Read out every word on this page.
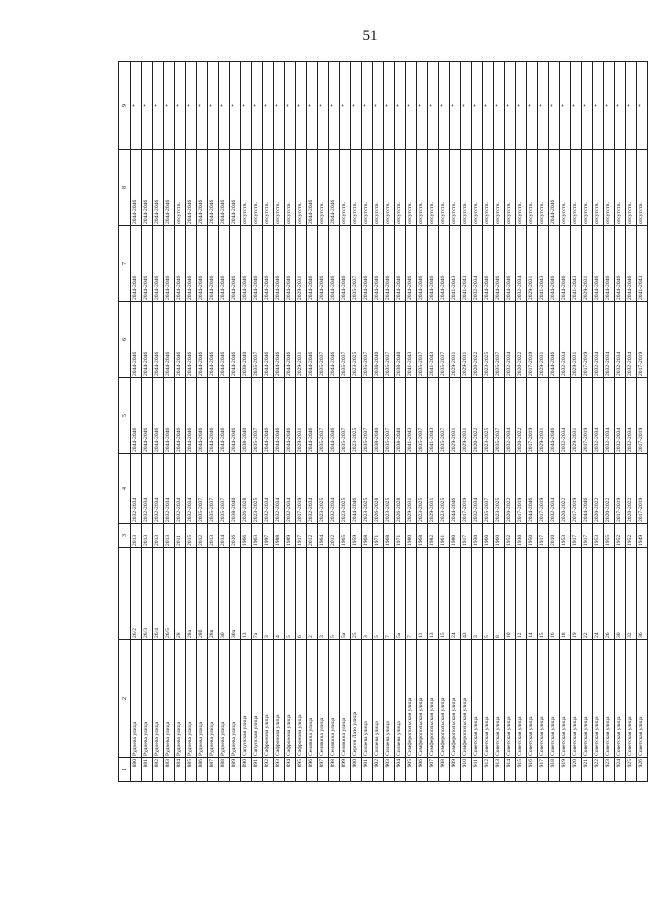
51
1	2		3	4	5	6	7	8	9
880	Руднева улица	26/2	2013	2032-2034	2044-2046	2044-2046	2044-2046	2044-2046	*
881	Руднева улица	26/3	2013	2032-2034	2044-2046	2044-2046	2044-2046	2044-2046	*
882	Руднева улица	26/4	2013	2032-2034	2044-2046	2044-2046	2044-2046	2044-2046	*
883	Руднева улица	26/5	2013	2032-2034	2044-2046	2044-2046	2044-2046	2044-2046	*
884	Руднева улица	28	2011	2032-2034	2044-2046	2044-2046	2044-2046	отсутств.	*
885	Руднева улица	28а	2015	2032-2034	2044-2046	2044-2046	2044-2046	2044-2046	*
886	Руднева улица	28б	2012	2035-2037	2044-2046	2044-2046	2044-2046	2044-2046	*
887	Руднева улица	28в	2013	2035-2037	2044-2046	2044-2046	2044-2046	2044-2046	*
888	Руднева улица	30	2014	2035-2037	2044-2046	2044-2046	2044-2046	2044-2046	*
889	Руднева улица	30а	2016	2038-2040	2044-2046	2044-2046	2044-2046	2044-2046	*
890	Сапунская улица	13	1966	2026-2028	2038-2040	2038-2040	2044-2046	отсутств.	*
891	Сапунская улица	7а	1963	2023-2025	2035-2037	2035-2037	2044-2046	отсутств.	*
892	Сафронова улица	3	1997	2032-2034	2044-2046	2044-2046	2044-2046	отсутств.	*
893	Сафронова улица	4	1988	2032-2034	2044-2046	2044-2046	2044-2046	отсутств.	*
894	Сафронова улица	5	1989	2032-2034	2044-2046	2044-2046	2044-2046	отсутств.	*
895	Сафронова улица	6	1917	2017-2019	2029-2031	2029-2031	2029-2031	отсутств.	*
896	Сенявина улица	2	2012	2032-2034	2044-2046	2044-2046	2044-2046	2044-2046	*
897	Сенявина улица	3	1964	2023-2025	2035-2037	2035-2037	2044-2046	отсутств.	*
898	Сенявина улица	5	2012	2032-2034	2044-2046	2044-2046	2044-2046	2044-2046	*
899	Сенявина улица	5а	1965	2023-2025	2035-2037	2035-2037	2044-2046	отсутств.	*
900	Сергея Лазо улица	25	1959	2044-2046	2023-2025	2023-2025	2035-2037	отсутств.	*
901	Силаева улица	3	1968	2023-2025	2035-2037	2035-2037	2044-2046	отсутств.	*
902	Силаева улица	5	1971	2026-2028	2038-2040	2038-2040	2044-2046	отсутств.	*
903	Силаева улица	7	1968	2023-2025	2035-2037	2035-2037	2044-2046	отсутств.	*
904	Силаева улица	5а	1971	2026-2028	2038-2040	2038-2040	2044-2046	отсутств.	*
905	Симферопольская улица	7	1980	2029-2031	2041-2043	2041-2043	2044-2046	отсутств.	*
906	Симферопольская улица	11	1968	2023-2025	2035-2037	2035-2037	2044-2046	отсутств.	*
907	Симферопольская улица	13	1982	2029-2031	2041-2043	2041-2043	2044-2046	отсутств.	*
908	Симферопольская улица	15	1961	2023-2025	2035-2037	2035-2037	2044-2046	отсутств.	*
909	Симферопольская улица	24	1980	2044-2046	2029-2031	2029-2031	2041-2043	отсутств.	*
910	Симферопольская улица	43	1917	2017-2019	2029-2031	2029-2031	2041-2043	отсутств.	*
911	Советская улица	3	1930	2032-2034	2020-2022	2020-2022	2032-2034	отсутств.	*
912	Советская улица	5	1960	2035-2037	2023-2025	2023-2025	2044-2046	отсутств.	*
913	Советская улица	8	1960	2023-2025	2035-2037	2035-2037	2044-2046	отсутств.	*
914	Советская улица	10	1952	2020-2022	2032-2034	2032-2034	2044-2046	отсутств.	*
915	Советская улица	12	1930	2017-2019	2020-2022	2020-2022	2032-2034	отсутств.	*
916	Советская улица	14	1950	2044-2046	2017-2019	2017-2019	2029-2031	отсутств.	*
917	Советская улица	15	1917	2017-2019	2029-2031	2029-2031	2041-2043	отсутств.	*
918	Советская улица	16	2010	2032-2034	2044-2046	2044-2046	2044-2046	2044-2046	*
919	Советская улица	18	1953	2020-2022	2032-2034	2032-2034	2044-2046	отсутств.	*
920	Советская улица	19	1917	2017-2019	2029-2031	2029-2031	2041-2043	отсутств.	*
921	Советская улица	22	1917	2044-2046	2017-2019	2017-2019	2029-2031	отсутств.	*
922	Советская улица	24	1953	2020-2022	2032-2034	2032-2034	2044-2046	отсутств.	*
923	Советская улица	26	1955	2020-2022	2032-2034	2032-2034	2044-2046	отсутств.	*
924	Советская улица	30	1952	2017-2019	2032-2034	2032-2034	2044-2046	отсутств.	*
925	Советская улица	32	1952	2020-2022	2032-2034	2032-2034	2044-2046	отсутств.	*
926	Советская улица	36	1949	2017-2019	2017-2019	2017-2019	2041-2043	отсутств.	*
